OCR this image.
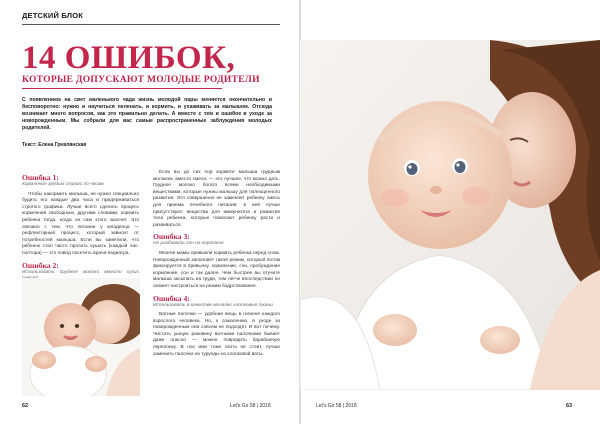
ДЕТСКИЙ БЛОК
14 ОШИБОК,
КОТОРЫЕ ДОПУСКАЮТ МОЛОДЫЕ РОДИТЕЛИ
С появлением на свет маленького чада жизнь молодой пары меняется окончательно и бесповоротно: нужно и научиться пеленать, и кормить, и ухаживать за малышом. Отсюда возникает много вопросов, как это правильно делать. А вместе с тем и ошибок в уходе за новорожденным. Мы собрали для вас самые распространенные заблуждения молодых родителей.
Текст: Елена Гревлянская
Ошибка 1:
Кормление грудью строго по часам

Чтобы накормить малыша, не нужно специально будить его каждые два часа и придерживаться строгого графика. Лучше всего сделать процесс кормления свободным, другими словами, кормить ребенка тогда, когда он сам этого захочет. Это связано с тем, что питание у младенца — рефлекторный процесс, который зависит от потребностей малыша. Если вы заметили, что ребенок стал часто просить кушать (каждый час-полтора) — это повод посетить врача-педиатра.

Ошибка 2:
Использовать грудное молоко вместо сухих

Если вы до сих пор кормите малыша грудным молоком, вместо смеси, — это лучшее, что можно дать. Грудное молоко богато всеми необходимыми веществами, которые нужны малышу для полноценного развития. Это совершенно не заменяет ребенку смесь для приема лечебного питания: в ней лучше присутствуют вещества для иммунитета и развития тела ребенка, которые помогают ребенку расти и развиваться.

Ошибка 3:
Не разбивать сон на короткие

Многие мамы привыкли кормить ребенка перед сном. Новорожденный заполняет такой режим, который потом фиксируется в привычку, кормление, сон, пробуждение кормление, сон и так далее. Чем быстрее вы отучите малыша засыпать на груди, тем легче впоследствии он сможет настроиться на режим бодрствования.

Ошибка 4:
Использовать в качестве мочалки хлопковые ткани

Ватные палочки — удобная вещь в гигиене каждого взрослого человека. Но, к сожалению, в уходе за новорожденным они совсем не подходят. И вот почему. Чистить ушную раковину ватными палочками бывает даже опасно — можно повредить барабанную перепонку. В нос ими тоже лезть не стоит, лучше заменить палочки на турунды из хлопковой ваты.

62	Let's Go 58 | 2018	Let's Go 58 | 2018	63
